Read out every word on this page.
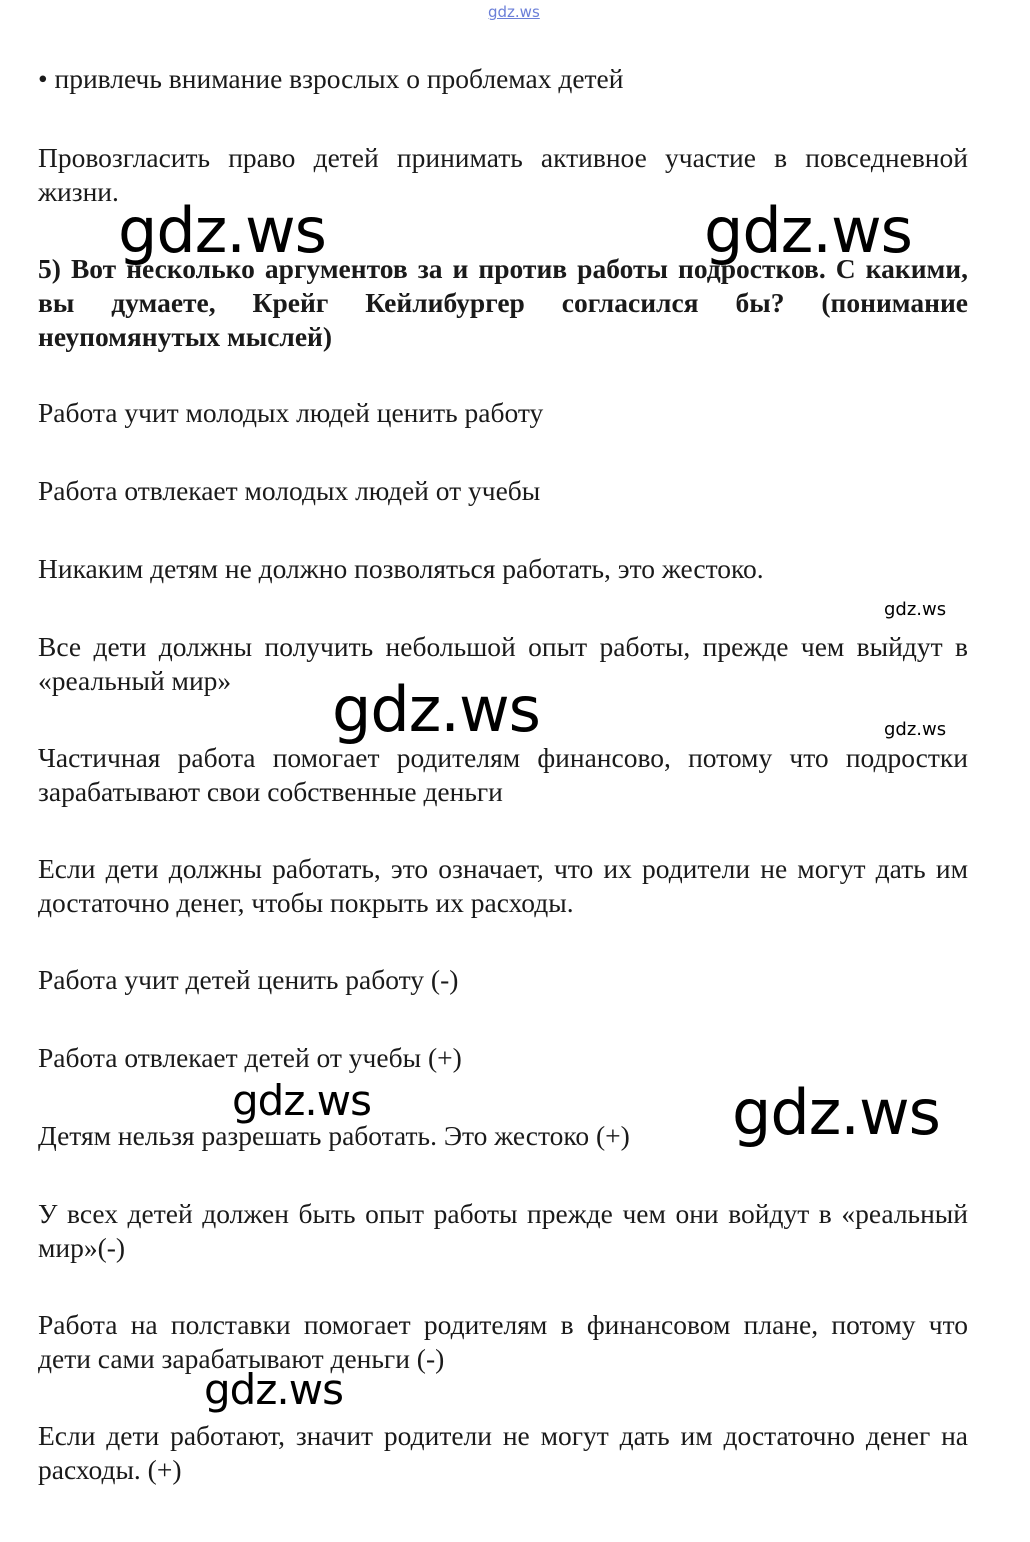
gdz.ws

• привлечь внимание взрослых о проблемах детей

Провозгласить право детей принимать активное участие в повседневной жизни.

5) Вот несколько аргументов за и против работы подростков. С какими, вы думаете, Крейг Кейлибургер согласился бы? (понимание неупомянутых мыслей)

Работа учит молодых людей ценить работу

Работа отвлекает молодых людей от учебы

Никаким детям не должно позволяться работать, это жестоко.

Все дети должны получить небольшой опыт работы, прежде чем выйдут в «реальный мир»

Частичная работа помогает родителям финансово, потому что подростки зарабатывают свои собственные деньги

Если дети должны работать, это означает, что их родители не могут дать им достаточно денег, чтобы покрыть их расходы.

Работа учит детей ценить работу (-)

Работа отвлекает детей от учебы (+)

Детям нельзя разрешать работать. Это жестоко (+)

У всех детей должен быть опыт работы прежде чем они войдут в «реальный мир»(-)

Работа на полставки помогает родителям в финансовом плане, потому что дети сами зарабатывают деньги (-)

Если дети работают, значит родители не могут дать им достаточно денег на расходы. (+)

gdz.ws	gdz.ws
gdz.ws
gdz.ws	gdz.ws
gdz.ws	gdz.ws
gdz.ws
